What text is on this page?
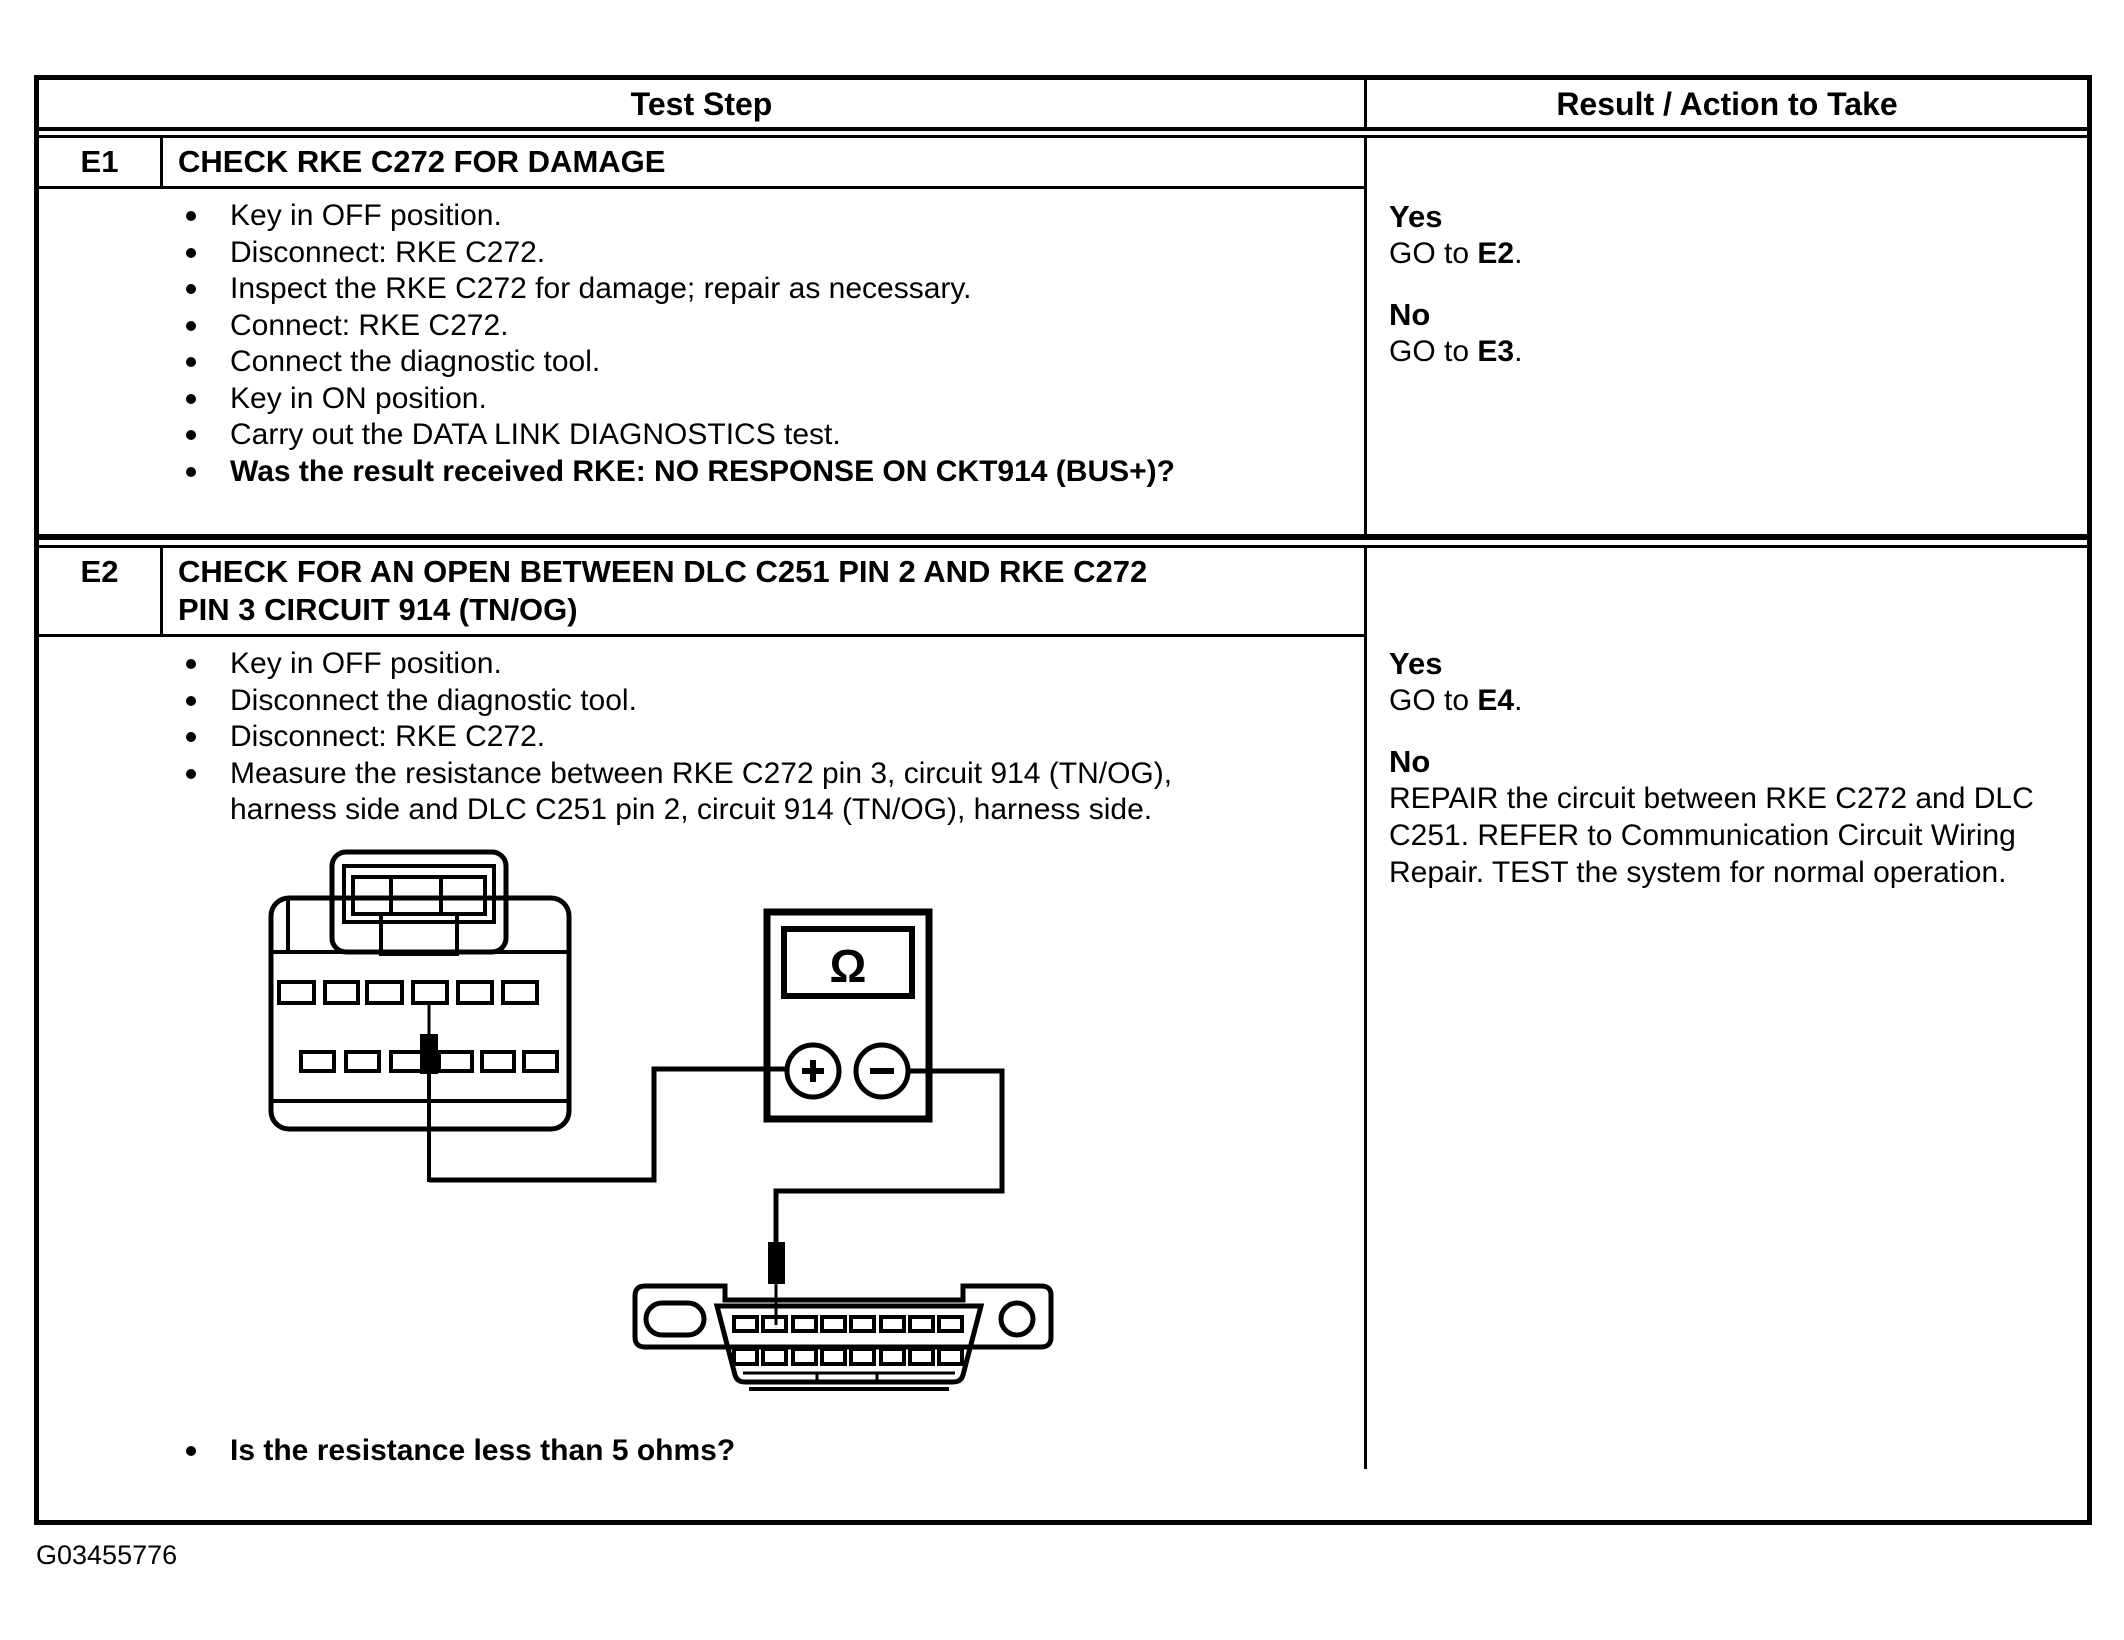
Test Step	Result / Action to Take
E1	CHECK RKE C272 FOR DAMAGE
Key in OFF position.
Disconnect: RKE C272.
Inspect the RKE C272 for damage; repair as necessary.
Connect: RKE C272.
Connect the diagnostic tool.
Key in ON position.
Carry out the DATA LINK DIAGNOSTICS test.
Was the result received RKE: NO RESPONSE ON CKT914 (BUS+)?
Yes
GO to E2.
No
GO to E3.
E2	CHECK FOR AN OPEN BETWEEN DLC C251 PIN 2 AND RKE C272 PIN 3 CIRCUIT 914 (TN/OG)
Key in OFF position.
Disconnect the diagnostic tool.
Disconnect: RKE C272.
Measure the resistance between RKE C272 pin 3, circuit 914 (TN/OG), harness side and DLC C251 pin 2, circuit 914 (TN/OG), harness side.
Ω
Is the resistance less than 5 ohms?
Yes
GO to E4.
No
REPAIR the circuit between RKE C272 and DLC C251. REFER to Communication Circuit Wiring Repair. TEST the system for normal operation.
G03455776
